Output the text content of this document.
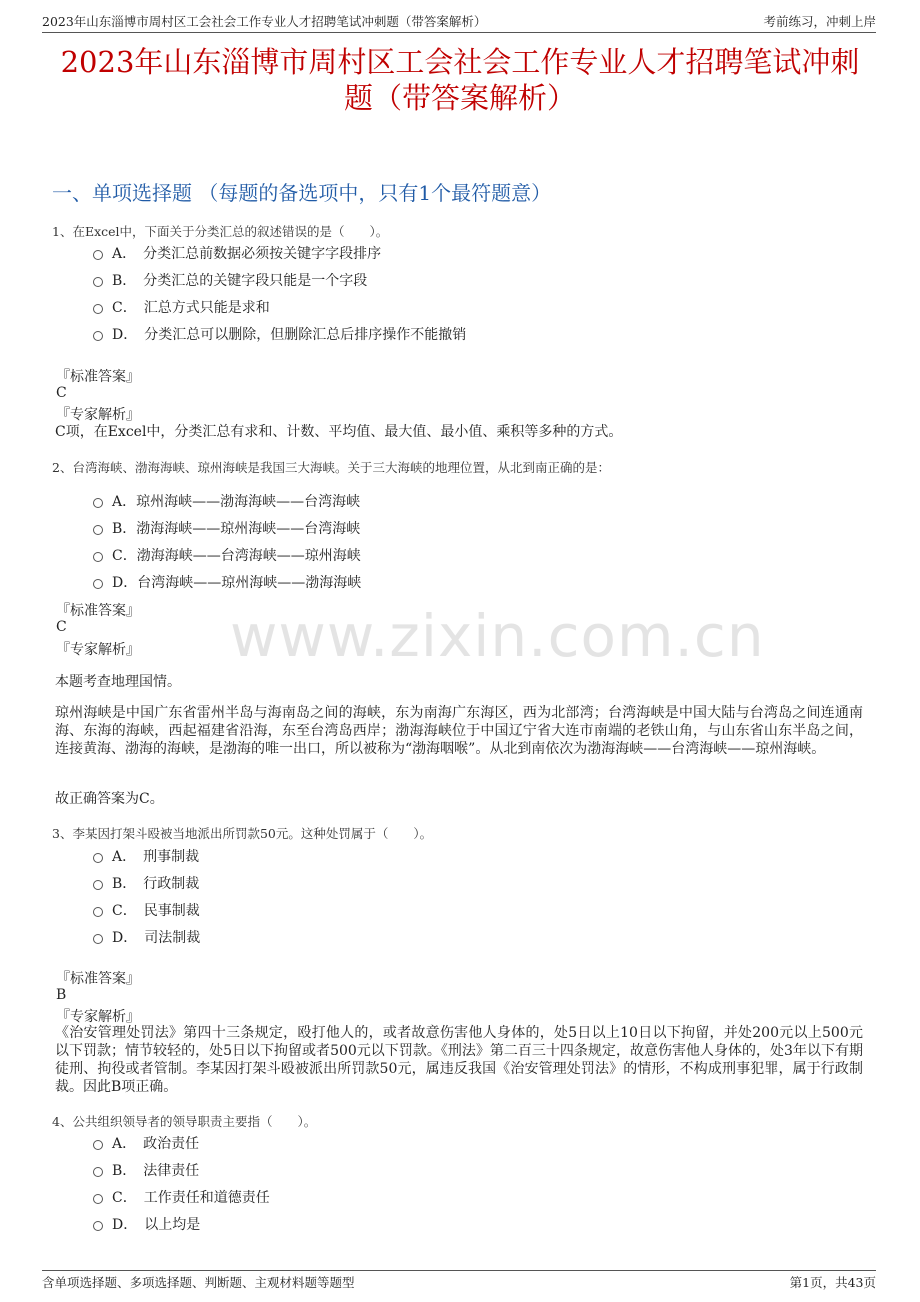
2023年山东淄博市周村区工会社会工作专业人才招聘笔试冲刺题（带答案解析）	考前练习，冲刺上岸
2023年山东淄博市周村区工会社会工作专业人才招聘笔试冲刺
题（带答案解析）
一、单项选择题 （每题的备选项中，只有1个最符题意）
www.zixin.com.cn
1、在Excel中，下面关于分类汇总的叙述错误的是（　　）。
A．　分类汇总前数据必须按关键字字段排序
B．　分类汇总的关键字段只能是一个字段
C．　汇总方式只能是求和
D．　分类汇总可以删除，但删除汇总后排序操作不能撤销
『标准答案』
C
『专家解析』
C项，在Excel中，分类汇总有求和、计数、平均值、最大值、最小值、乘积等多种的方式。
2、台湾海峡、渤海海峡、琼州海峡是我国三大海峡。关于三大海峡的地理位置，从北到南正确的是：
A．琼州海峡——渤海海峡——台湾海峡
B．渤海海峡——琼州海峡——台湾海峡
C．渤海海峡——台湾海峡——琼州海峡
D．台湾海峡——琼州海峡——渤海海峡
『标准答案』
C
『专家解析』
本题考查地理国情。
琼州海峡是中国广东省雷州半岛与海南岛之间的海峡，东为南海广东海区，西为北部湾；台湾海峡是中国大陆与台湾岛之间连通南海、东海的海峡，西起福建省沿海，东至台湾岛西岸；渤海海峡位于中国辽宁省大连市南端的老铁山角，与山东省山东半岛之间，连接黄海、渤海的海峡，是渤海的唯一出口，所以被称为“渤海咽喉”。从北到南依次为渤海海峡——台湾海峡——琼州海峡。
故正确答案为C。
3、李某因打架斗殴被当地派出所罚款50元。这种处罚属于（　　）。
A．　刑事制裁
B．　行政制裁
C．　民事制裁
D．　司法制裁
『标准答案』
B
『专家解析』
《治安管理处罚法》第四十三条规定，殴打他人的，或者故意伤害他人身体的，处5日以上10日以下拘留，并处200元以上500元以下罚款；情节较轻的，处5日以下拘留或者500元以下罚款。《刑法》第二百三十四条规定，故意伤害他人身体的，处3年以下有期徒刑、拘役或者管制。李某因打架斗殴被派出所罚款50元，属违反我国《治安管理处罚法》的情形，不构成刑事犯罪，属于行政制裁。因此B项正确。
4、公共组织领导者的领导职责主要指（　　）。
A．　政治责任
B．　法律责任
C．　工作责任和道德责任
D．　以上均是
含单项选择题、多项选择题、判断题、主观材料题等题型	第1页，共43页
